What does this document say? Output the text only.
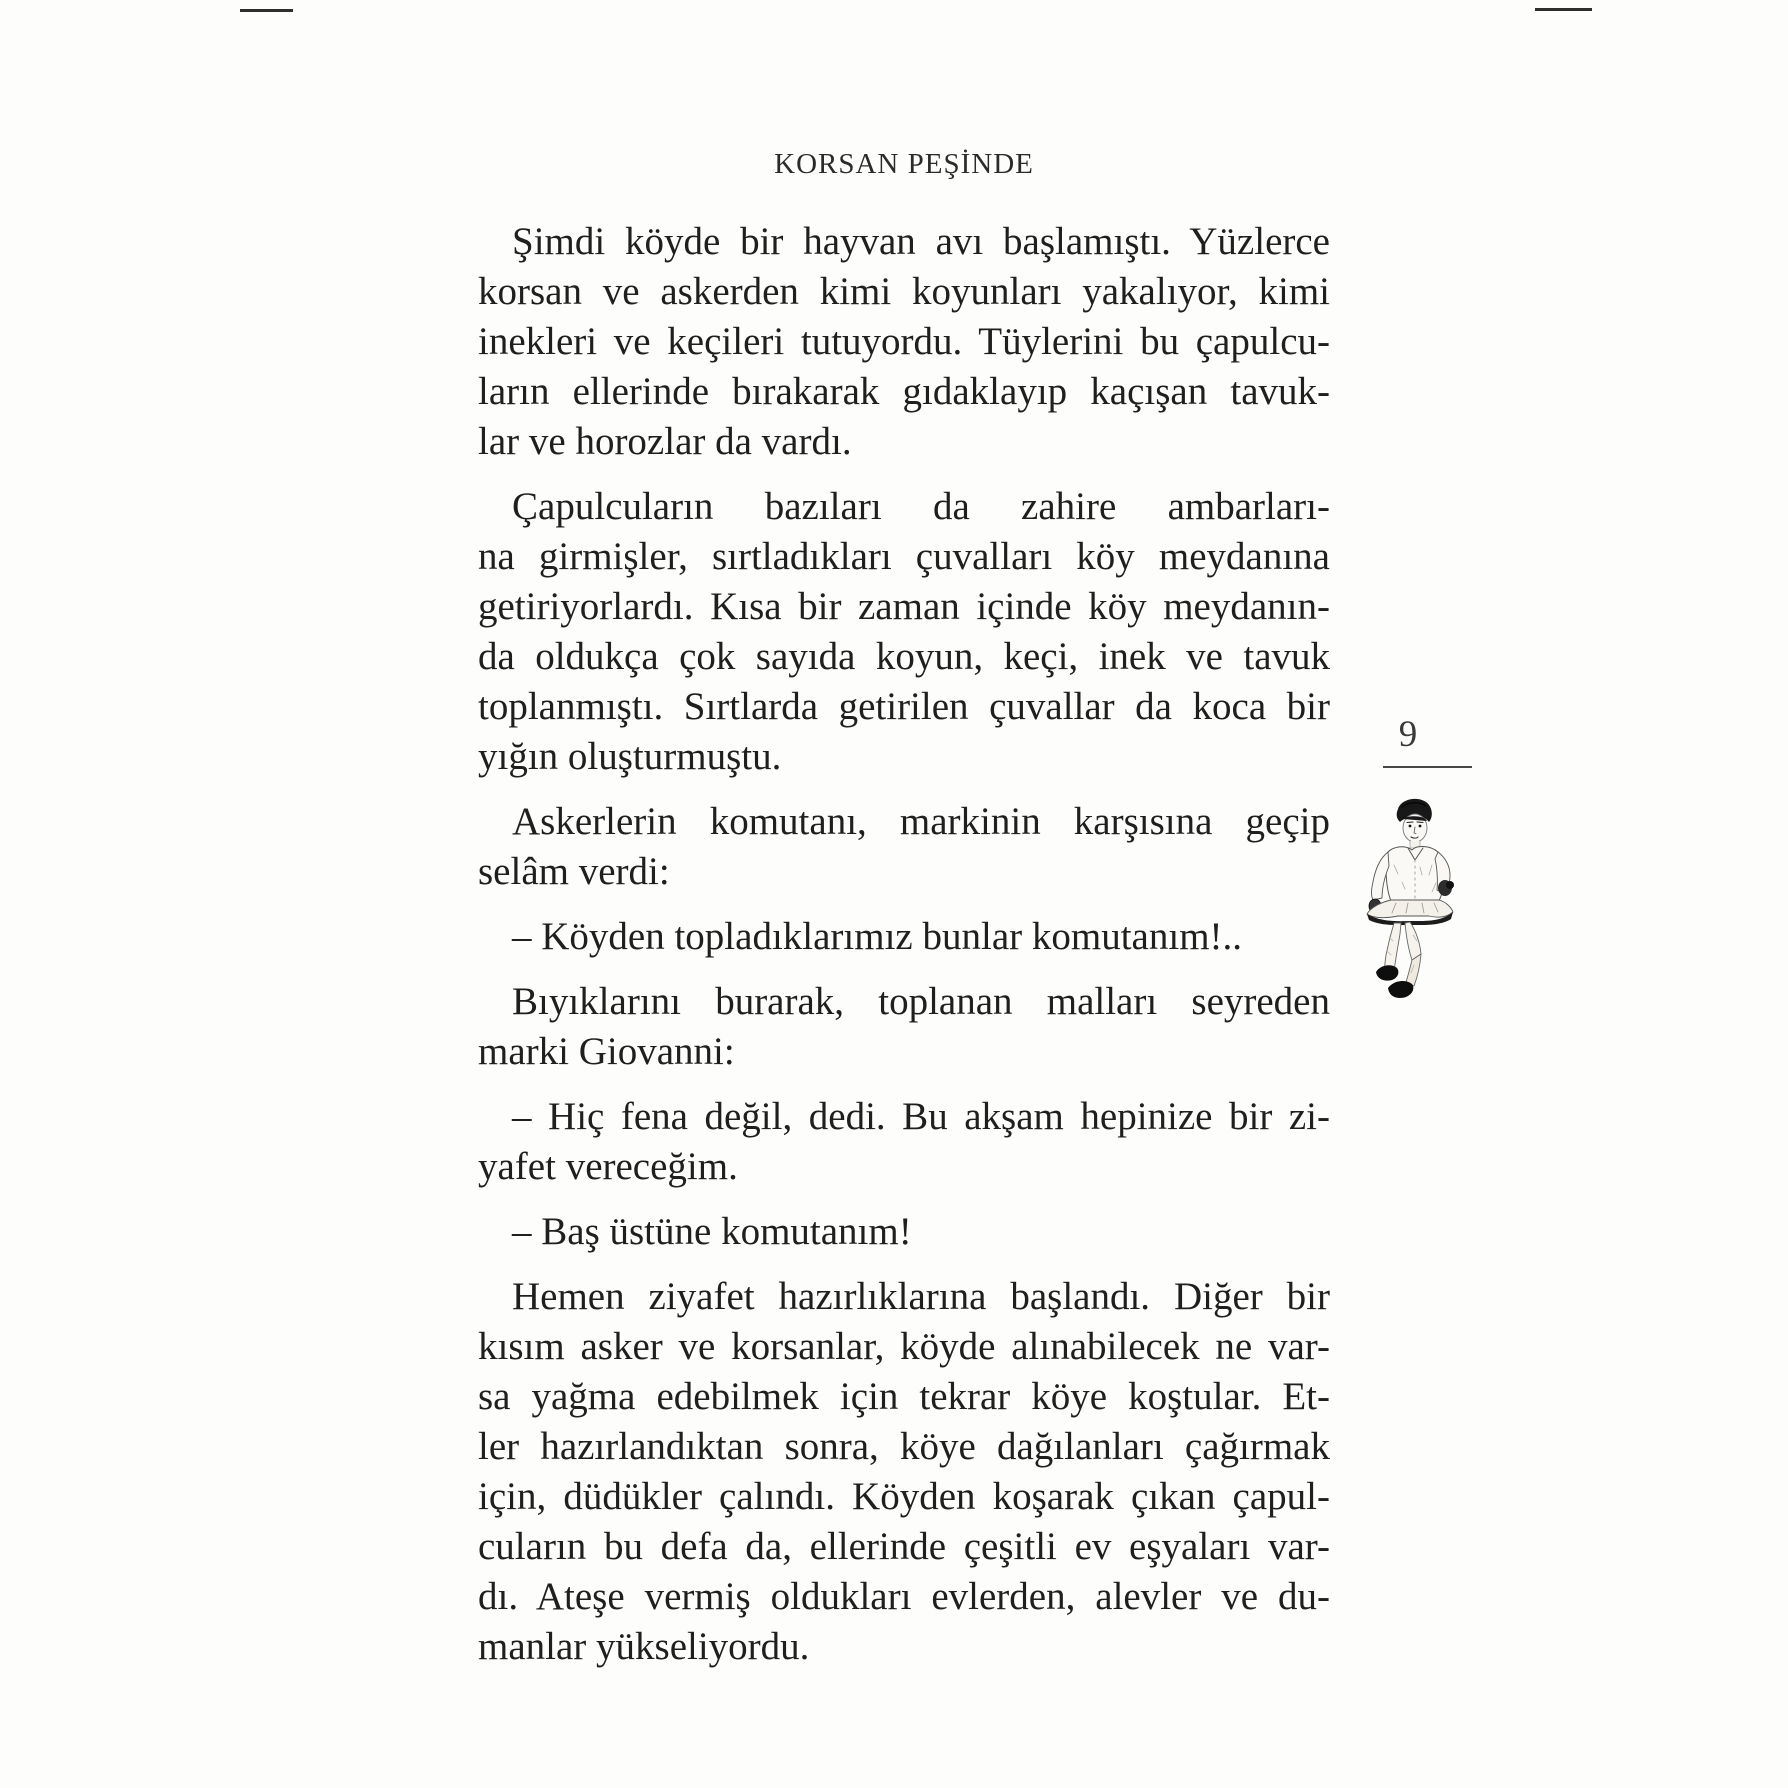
KORSAN PEŞİNDE
Şimdi köyde bir hayvan avı başlamıştı. Yüzlerce
korsan ve askerden kimi koyunları yakalıyor, kimi
inekleri ve keçileri tutuyordu. Tüylerini bu çapulcu-
ların ellerinde bırakarak gıdaklayıp kaçışan tavuk-
lar ve horozlar da vardı.
Çapulcuların bazıları da zahire ambarları-
na girmişler, sırtladıkları çuvalları köy meydanına
getiriyorlardı. Kısa bir zaman içinde köy meydanın-
da oldukça çok sayıda koyun, keçi, inek ve tavuk
toplanmıştı. Sırtlarda getirilen çuvallar da koca bir
yığın oluşturmuştu.
Askerlerin komutanı, markinin karşısına geçip
selâm verdi:
– Köyden topladıklarımız bunlar komutanım!..
Bıyıklarını burarak, toplanan malları seyreden
marki Giovanni:
– Hiç fena değil, dedi. Bu akşam hepinize bir zi-
yafet vereceğim.
– Baş üstüne komutanım!
Hemen ziyafet hazırlıklarına başlandı. Diğer bir
kısım asker ve korsanlar, köyde alınabilecek ne var-
sa yağma edebilmek için tekrar köye koştular. Et-
ler hazırlandıktan sonra, köye dağılanları çağırmak
için, düdükler çalındı. Köyden koşarak çıkan çapul-
cuların bu defa da, ellerinde çeşitli ev eşyaları var-
dı. Ateşe vermiş oldukları evlerden, alevler ve du-
manlar yükseliyordu.
9
